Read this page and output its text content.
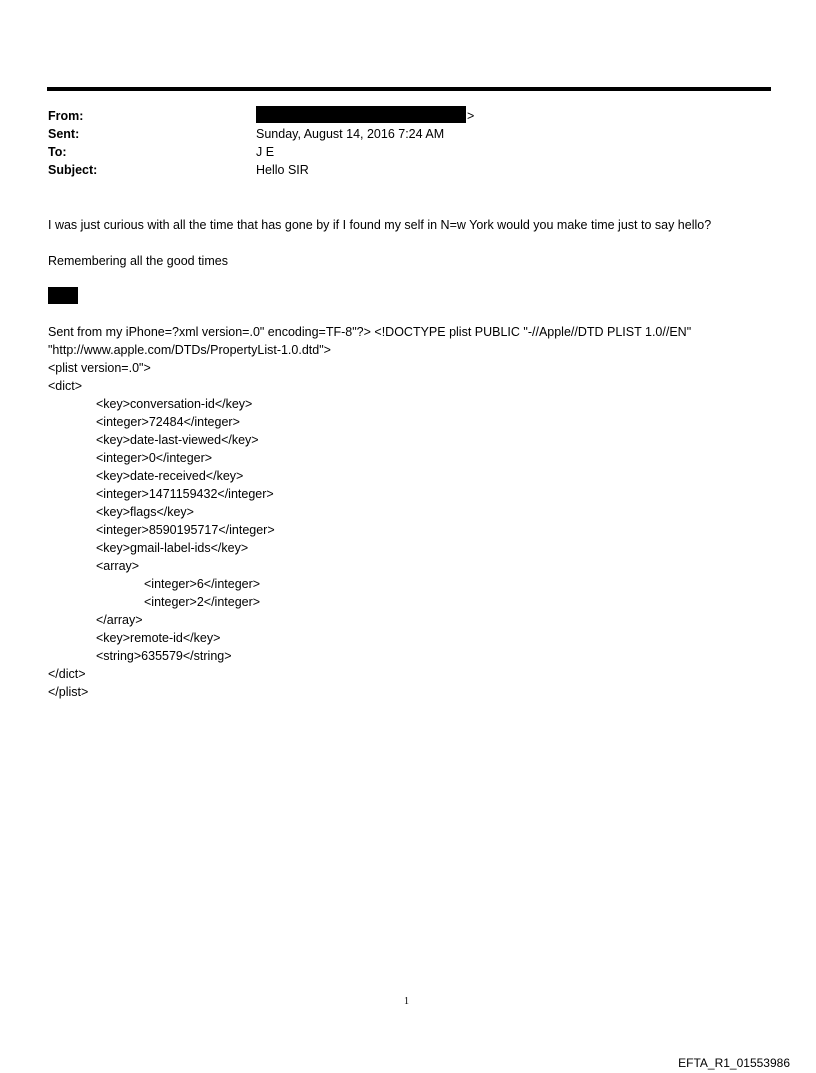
From:	>
Sent:	Sunday, August 14, 2016 7:24 AM
To:	J E
Subject:	Hello SIR
I was just curious with all the time that has gone by if I found my self in N=w York would you make time just to say hello?
Remembering all the good times
Sent from my iPhone=?xml version=.0" encoding=TF-8"?> <!DOCTYPE plist PUBLIC "-//Apple//DTD PLIST 1.0//EN"
"http://www.apple.com/DTDs/PropertyList-1.0.dtd">
<plist version=.0">
<dict>
<key>conversation-id</key>
<integer>72484</integer>
<key>date-last-viewed</key>
<integer>0</integer>
<key>date-received</key>
<integer>1471159432</integer>
<key>flags</key>
<integer>8590195717</integer>
<key>gmail-label-ids</key>
<array>
<integer>6</integer>
<integer>2</integer>
</array>
<key>remote-id</key>
<string>635579</string>
</dict>
</plist>
1
EFTA_R1_01553986
